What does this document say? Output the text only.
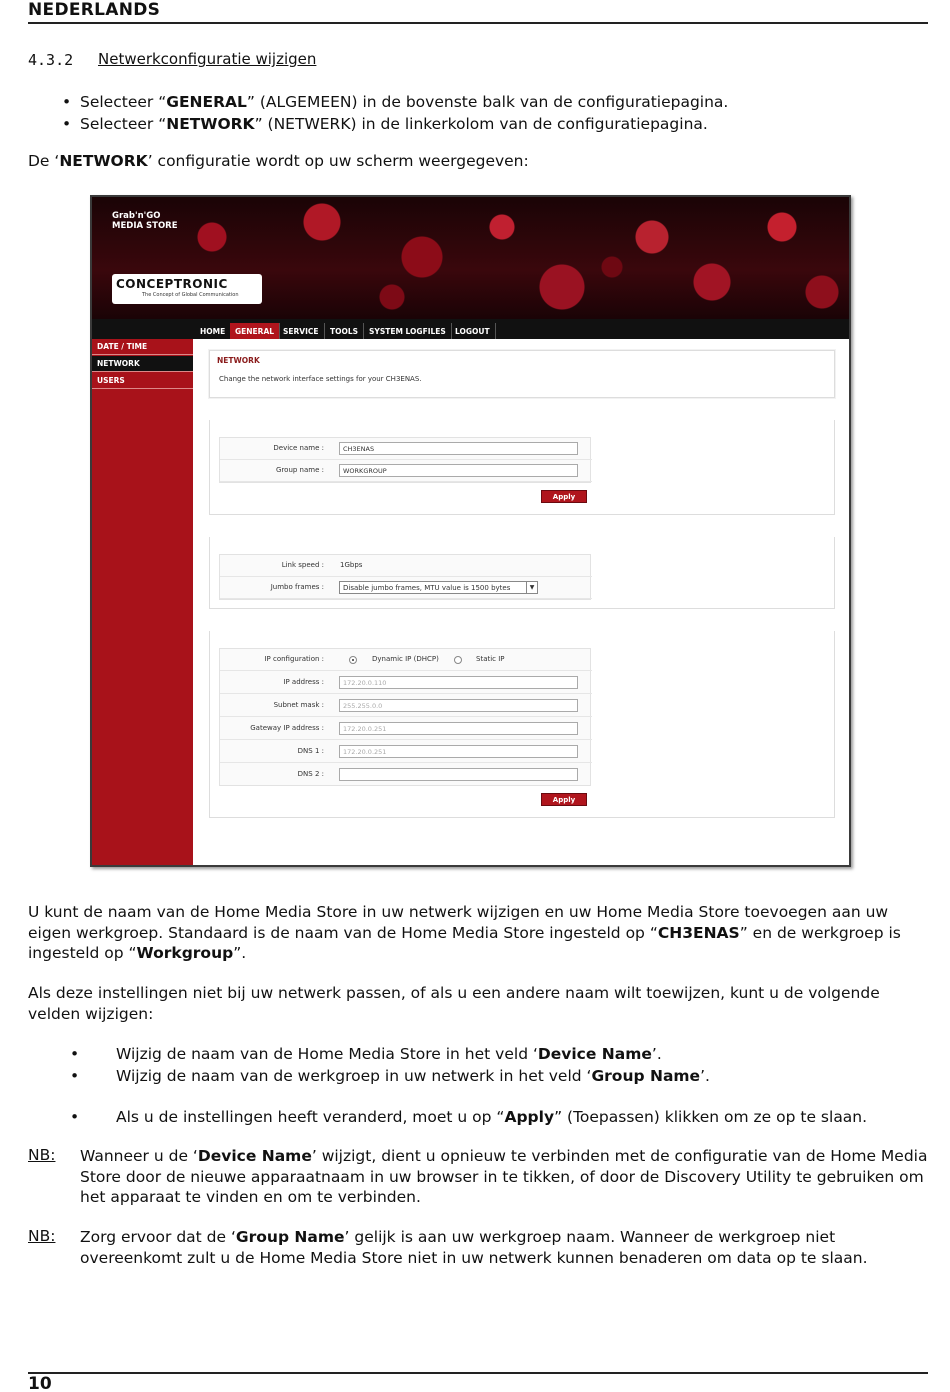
NEDERLANDS
4.3.2 Netwerkconfiguratie wijzigen
• Selecteer “GENERAL” (ALGEMEEN) in de bovenste balk van de configuratiepagina.
• Selecteer “NETWORK” (NETWERK) in de linkerkolom van de configuratiepagina.
De ‘NETWORK’ configuratie wordt op uw scherm weergegeven:
Grab'n'GO
MEDIA STORE
CONCEPTRONIC
The Concept of Global Communication
HOME	GENERAL	SERVICE	TOOLS	SYSTEM LOGFILES	LOGOUT
DATE / TIME
NETWORK
USERS
NETWORK
Change the network interface settings for your CH3ENAS.
Device name :	CH3ENAS
Group name :	WORKGROUP
Apply
Link speed :	1Gbps
Jumbo frames :	Disable jumbo frames, MTU value is 1500 bytes	▼
IP configuration :	Dynamic IP (DHCP)	Static IP
IP address :	172.20.0.110
Subnet mask :	255.255.0.0
Gateway IP address :	172.20.0.251
DNS 1 :	172.20.0.251
DNS 2 :
Apply
U kunt de naam van de Home Media Store in uw netwerk wijzigen en uw Home Media Store toevoegen aan uw eigen werkgroep. Standaard is de naam van de Home Media Store ingesteld op “CH3ENAS” en de werkgroep is ingesteld op “Workgroup”.
Als deze instellingen niet bij uw netwerk passen, of als u een andere naam wilt toewijzen, kunt u de volgende velden wijzigen:
• Wijzig de naam van de Home Media Store in het veld ‘Device Name’.
• Wijzig de naam van de werkgroep in uw netwerk in het veld ‘Group Name’.
• Als u de instellingen heeft veranderd, moet u op “Apply” (Toepassen) klikken om ze op te slaan.
NB: Wanneer u de ‘Device Name’ wijzigt, dient u opnieuw te verbinden met de configuratie van de Home Media Store door de nieuwe apparaatnaam in uw browser in te tikken, of door de Discovery Utility te gebruiken om het apparaat te vinden en om te verbinden.
NB: Zorg ervoor dat de ‘Group Name’ gelijk is aan uw werkgroep naam. Wanneer de werkgroep niet overeenkomt zult u de Home Media Store niet in uw netwerk kunnen benaderen om data op te slaan.
10
